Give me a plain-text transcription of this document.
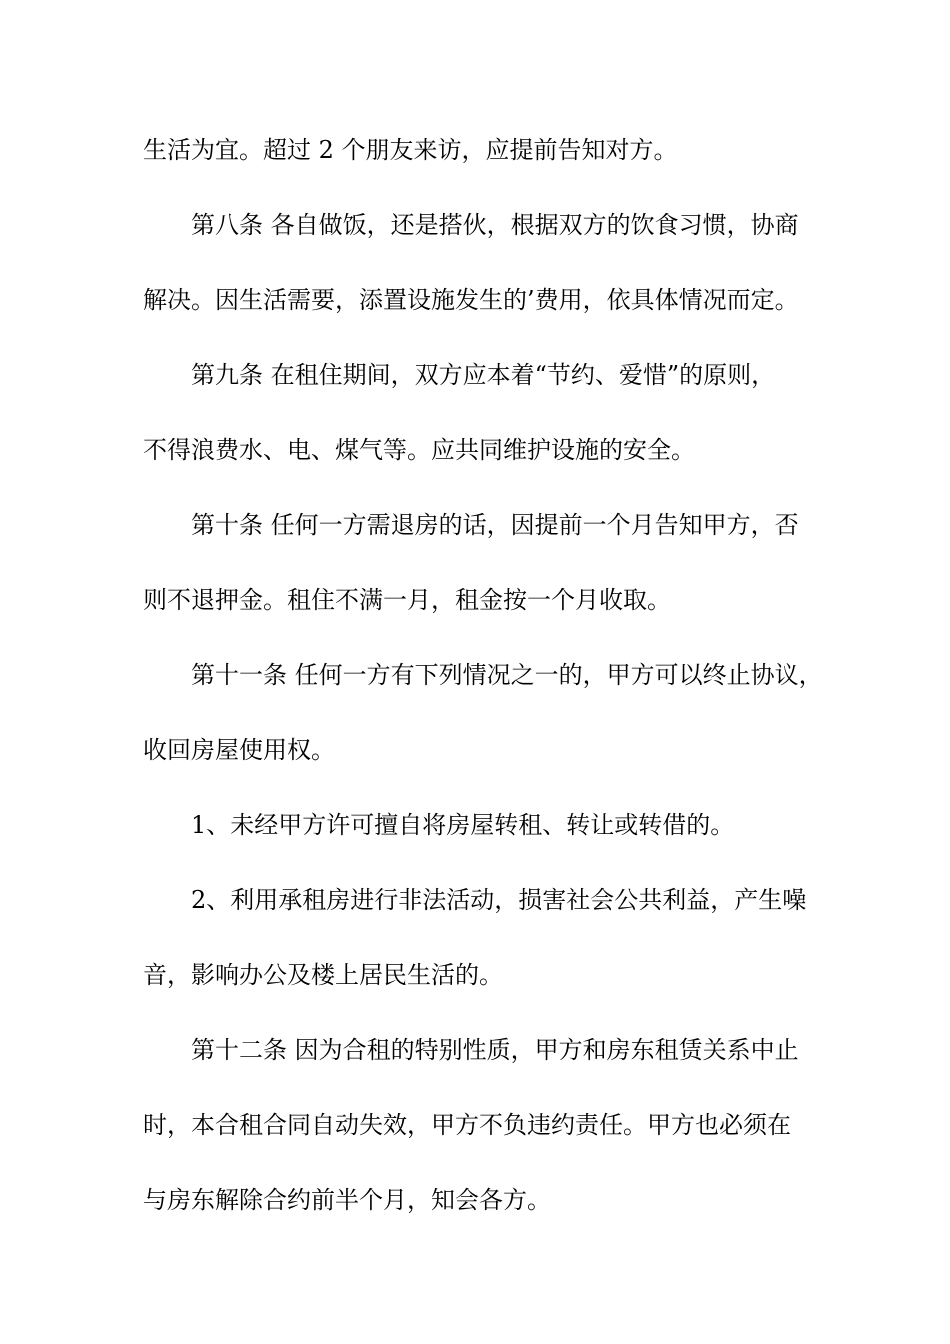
生活为宜。超过 2 个朋友来访，应提前告知对方。
第八条 各自做饭，还是搭伙，根据双方的饮食习惯，协商
解决。因生活需要，添置设施发生的’费用，依具体情况而定。
第九条 在租住期间，双方应本着“节约、爱惜”的原则，
不得浪费水、电、煤气等。应共同维护设施的安全。
第十条 任何一方需退房的话，因提前一个月告知甲方，否
则不退押金。租住不满一月，租金按一个月收取。
第十一条 任何一方有下列情况之一的，甲方可以终止协议，
收回房屋使用权。
1、未经甲方许可擅自将房屋转租、转让或转借的。
2、利用承租房进行非法活动，损害社会公共利益，产生噪
音，影响办公及楼上居民生活的。
第十二条 因为合租的特别性质，甲方和房东租赁关系中止
时，本合租合同自动失效，甲方不负违约责任。甲方也必须在
与房东解除合约前半个月，知会各方。
